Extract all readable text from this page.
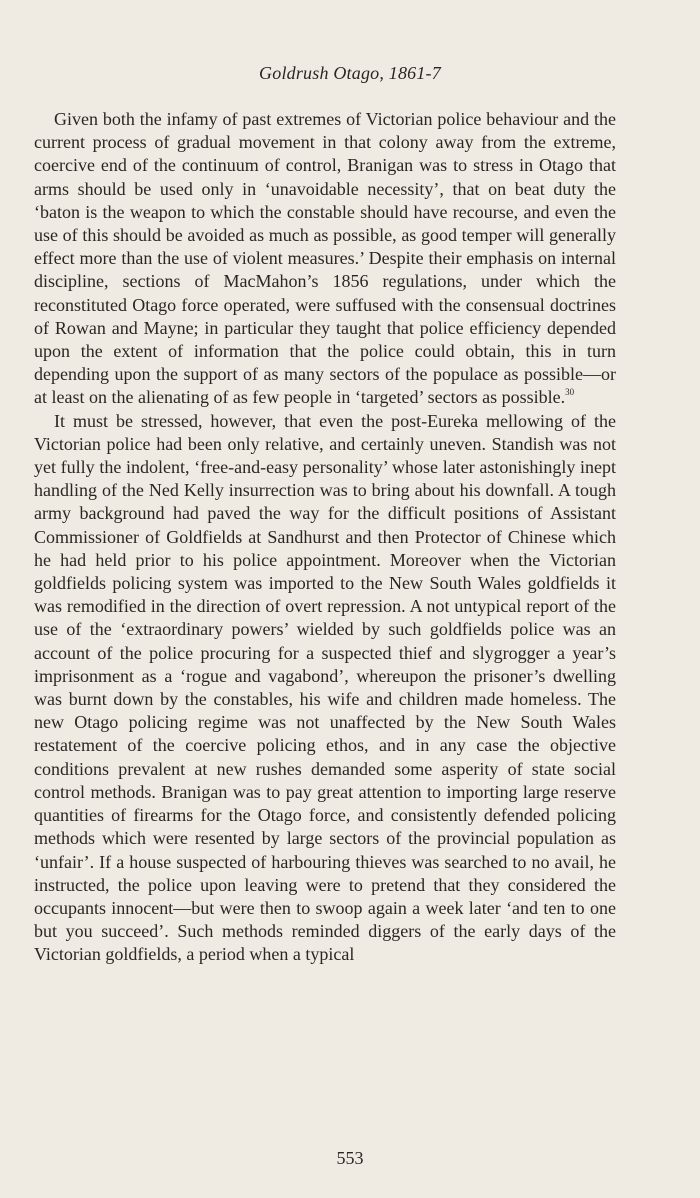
Goldrush Otago, 1861-7

Given both the infamy of past extremes of Victorian police behaviour and the current process of gradual movement in that colony away from the extreme, coercive end of the continuum of control, Branigan was to stress in Otago that arms should be used only in ‘unavoidable necessity’, that on beat duty the ‘baton is the weapon to which the constable should have recourse, and even the use of this should be avoided as much as possible, as good temper will generally effect more than the use of violent measures.’ Despite their emphasis on internal discipline, sections of MacMahon’s 1856 regulations, under which the reconstituted Otago force operated, were suffused with the consensual doctrines of Rowan and Mayne; in particular they taught that police efficiency depended upon the extent of information that the police could obtain, this in turn depending upon the support of as many sectors of the populace as possible—or at least on the alienating of as few people in ‘targeted’ sectors as possible.$^{30}$

It must be stressed, however, that even the post-Eureka mellowing of the Victorian police had been only relative, and certainly uneven. Standish was not yet fully the indolent, ‘free-and-easy personality’ whose later astonishingly inept handling of the Ned Kelly insurrection was to bring about his downfall. A tough army background had paved the way for the difficult positions of Assistant Commissioner of Goldfields at Sandhurst and then Protector of Chinese which he had held prior to his police appointment. Moreover when the Victorian goldfields policing system was imported to the New South Wales goldfields it was remodified in the direction of overt repression. A not untypical report of the use of the ‘extraordinary powers’ wielded by such goldfields police was an account of the police procuring for a suspected thief and slygrogger a year’s imprisonment as a ‘rogue and vagabond’, whereupon the prisoner’s dwelling was burnt down by the constables, his wife and children made homeless. The new Otago policing regime was not unaffected by the New South Wales restatement of the coercive policing ethos, and in any case the objective conditions prevalent at new rushes demanded some asperity of state social control methods. Branigan was to pay great attention to importing large reserve quantities of firearms for the Otago force, and consistently defended policing methods which were resented by large sectors of the provincial population as ‘unfair’. If a house suspected of harbouring thieves was searched to no avail, he instructed, the police upon leaving were to pretend that they considered the occupants innocent—but were then to swoop again a week later ‘and ten to one but you succeed’. Such methods reminded diggers of the early days of the Victorian goldfields, a period when a typical

553
